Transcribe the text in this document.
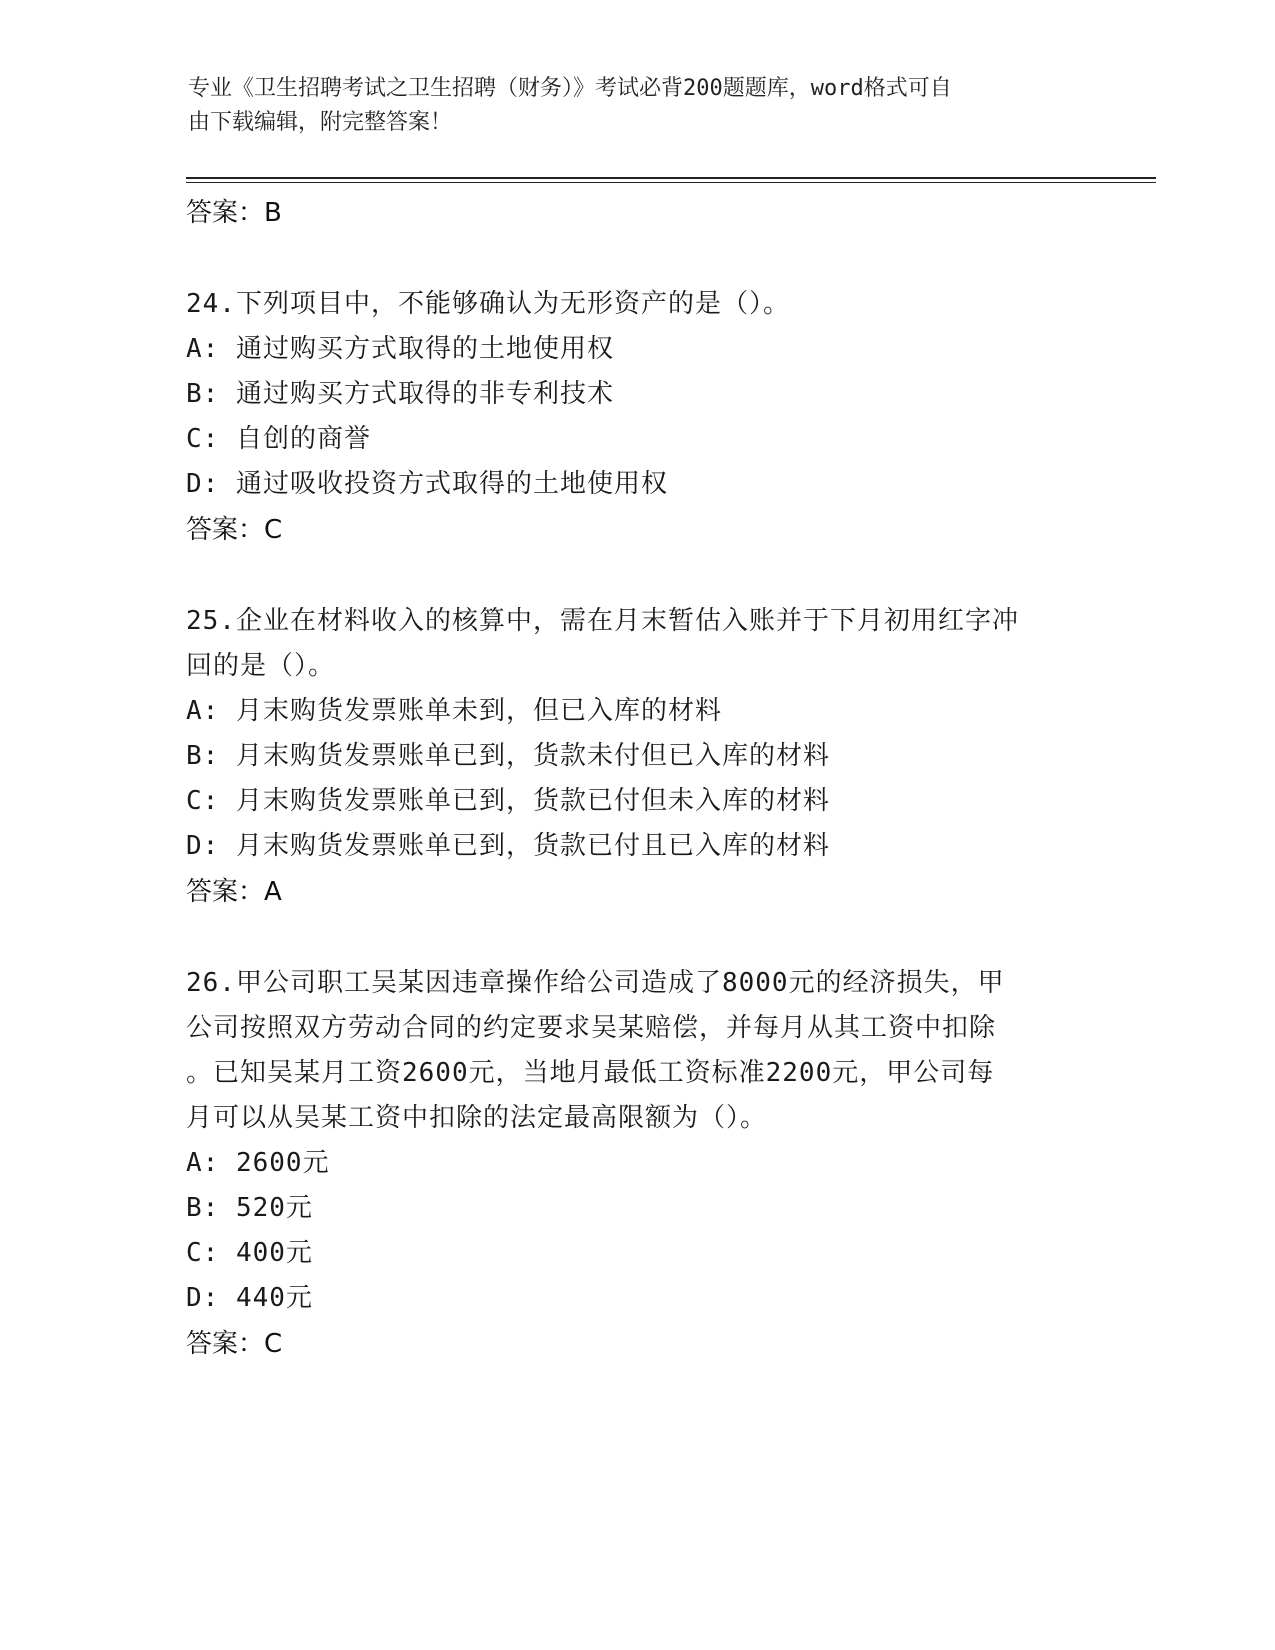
专业《卫生招聘考试之卫生招聘（财务）》考试必背200题题库，word格式可自
由下载编辑，附完整答案！

答案：B

24.下列项目中，不能够确认为无形资产的是（）。

A: 通过购买方式取得的土地使用权

B: 通过购买方式取得的非专利技术

C: 自创的商誉

D: 通过吸收投资方式取得的土地使用权

答案：C

25.企业在材料收入的核算中，需在月末暂估入账并于下月初用红字冲

回的是（）。

A: 月末购货发票账单未到，但已入库的材料

B: 月末购货发票账单已到，货款未付但已入库的材料

C: 月末购货发票账单已到，货款已付但未入库的材料

D: 月末购货发票账单已到，货款已付且已入库的材料

答案：A

26.甲公司职工吴某因违章操作给公司造成了8000元的经济损失，甲

公司按照双方劳动合同的约定要求吴某赔偿，并每月从其工资中扣除

。已知吴某月工资2600元，当地月最低工资标准2200元，甲公司每

月可以从吴某工资中扣除的法定最高限额为（）。

A: 2600元

B: 520元

C: 400元

D: 440元

答案：C
